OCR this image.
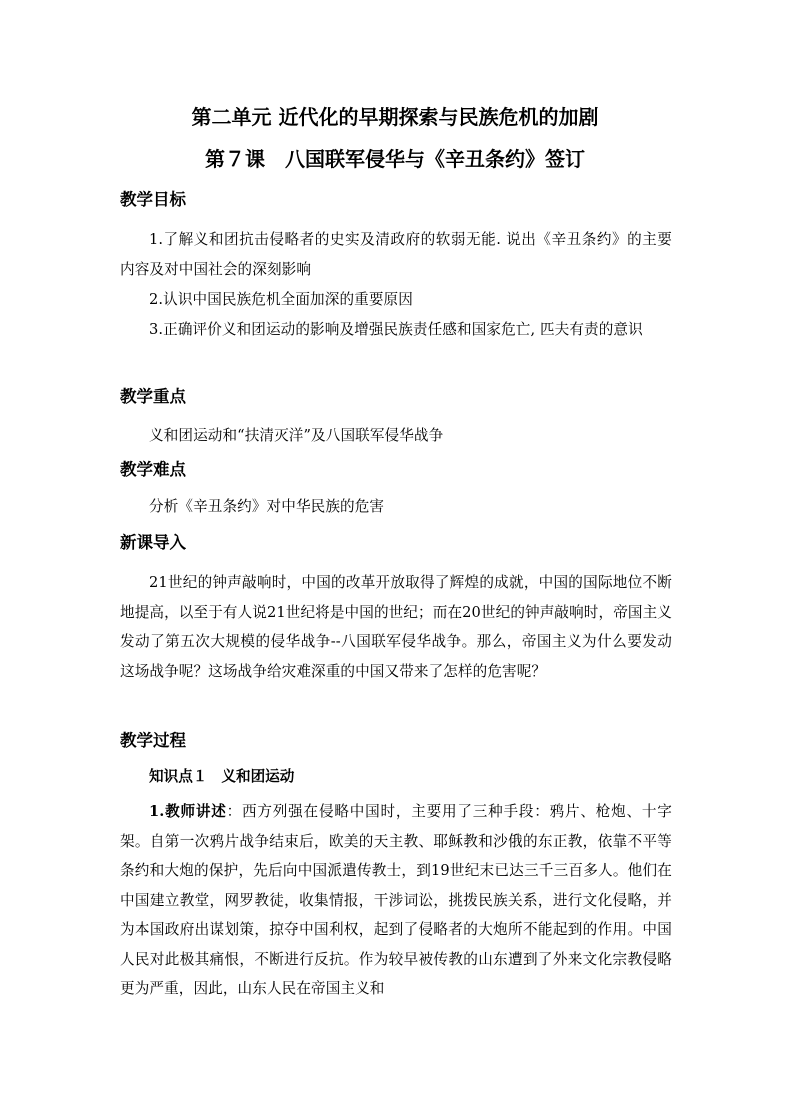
第二单元 近代化的早期探索与民族危机的加剧
第７课　八国联军侵华与《辛丑条约》签订
教学目标

1.了解义和团抗击侵略者的史实及清政府的软弱无能. 说出《辛丑条约》的主要内容及对中国社会的深刻影响

2.认识中国民族危机全面加深的重要原因

3.正确评价义和团运动的影响及增强民族责任感和国家危亡, 匹夫有责的意识

教学重点

义和团运动和“扶清灭洋”及八国联军侵华战争

教学难点

分析《辛丑条约》对中华民族的危害

新课导入

21世纪的钟声敲响时，中国的改革开放取得了辉煌的成就，中国的国际地位不断地提高，以至于有人说21世纪将是中国的世纪；而在20世纪的钟声敲响时，帝国主义发动了第五次大规模的侵华战争--八国联军侵华战争。那么，帝国主义为什么要发动这场战争呢？这场战争给灾难深重的中国又带来了怎样的危害呢？

教学过程

知识点１ 义和团运动

1.教师讲述：西方列强在侵略中国时，主要用了三种手段：鸦片、枪炮、十字架。自第一次鸦片战争结束后，欧美的天主教、耶稣教和沙俄的东正教，依靠不平等条约和大炮的保护，先后向中国派遣传教士，到19世纪末已达三千三百多人。他们在中国建立教堂，网罗教徒，收集情报，干涉词讼，挑拨民族关系，进行文化侵略，并为本国政府出谋划策，掠夺中国利权，起到了侵略者的大炮所不能起到的作用。中国人民对此极其痛恨，不断进行反抗。作为较早被传教的山东遭到了外来文化宗教侵略更为严重，因此，山东人民在帝国主义和
